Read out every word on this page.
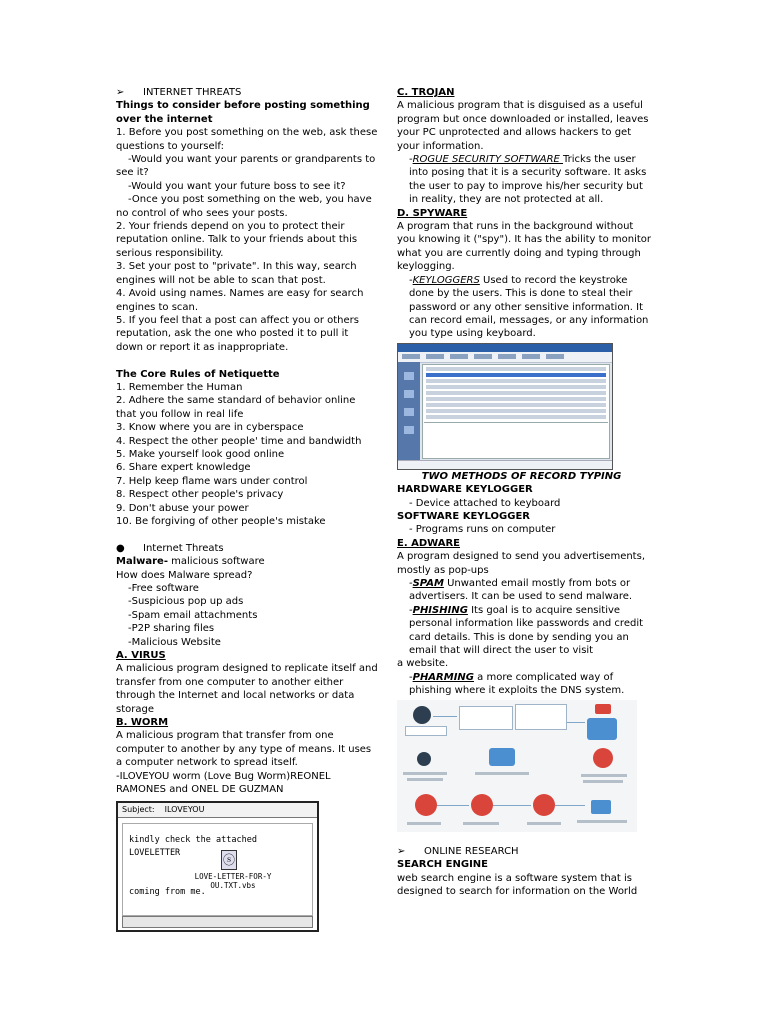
➢	INTERNET THREATS

Things to consider before posting something over the internet

1. Before you post something on the web, ask these questions to yourself:

-Would you want your parents or grandparents to

see it?

-Would you want your future boss to see it?

-Once you post something on the web, you have

no control of who sees your posts.

2. Your friends depend on you to protect their reputation online. Talk to your friends about this serious responsibility.

3. Set your post to "private". In this way, search engines will not be able to scan that post.

4. Avoid using names. Names are easy for search engines to scan.

5. If you feel that a post can affect you or others reputation, ask the one who posted it to pull it down or report it as inappropriate.

The Core Rules of Netiquette

1. Remember the Human

2. Adhere the same standard of behavior online that you follow in real life

3. Know where you are in cyberspace

4. Respect the other people' time and bandwidth

5. Make yourself look good online

6. Share expert knowledge

7. Help keep flame wars under control

8. Respect other people's privacy

9. Don't abuse your power

10. Be forgiving of other people's mistake

●	Internet Threats

Malware- malicious software

How does Malware spread?

-Free software

-Suspicious pop up ads

-Spam email attachments

-P2P sharing files

-Malicious Website

A. VIRUS

A malicious program designed to replicate itself and transfer from one computer to another either through the Internet and local networks or data storage

B. WORM

A malicious program that transfer from one computer to another by any type of means. It uses a computer network to spread itself.

-ILOVEYOU worm (Love Bug Worm)REONEL RAMONES and ONEL DE GUZMAN

Subject: ILOVEYOU
kindly check the attached LOVELETTER	ⓢ
LOVE-LETTER-FOR-Y OU.TXT.vbs
coming from me.

C. TROJAN

A malicious program that is disguised as a useful program but once downloaded or installed, leaves your PC unprotected and allows hackers to get your information.

-ROGUE SECURITY SOFTWARE Tricks the user into posing that it is a security software. It asks the user to pay to improve his/her security but in reality, they are not protected at all.

D. SPYWARE

A program that runs in the background without you knowing it ("spy"). It has the ability to monitor what you are currently doing and typing through keylogging.

-KEYLOGGERS Used to record the keystroke done by the users. This is done to steal their password or any other sensitive information. It can record email, messages, or any information you type using keyboard.

TWO METHODS OF RECORD TYPING

HARDWARE KEYLOGGER

- Device attached to keyboard

SOFTWARE KEYLOGGER

- Programs runs on computer

E. ADWARE

A program designed to send you advertisements, mostly as pop-ups

-SPAM Unwanted email mostly from bots or advertisers. It can be used to send malware.

-PHISHING Its goal is to acquire sensitive personal information like passwords and credit card details. This is done by sending you an email that will direct the user to visit

a website.

-PHARMING a more complicated way of phishing where it exploits the DNS system.

➢	ONLINE RESEARCH

SEARCH ENGINE

web search engine is a software system that is designed to search for information on the World
